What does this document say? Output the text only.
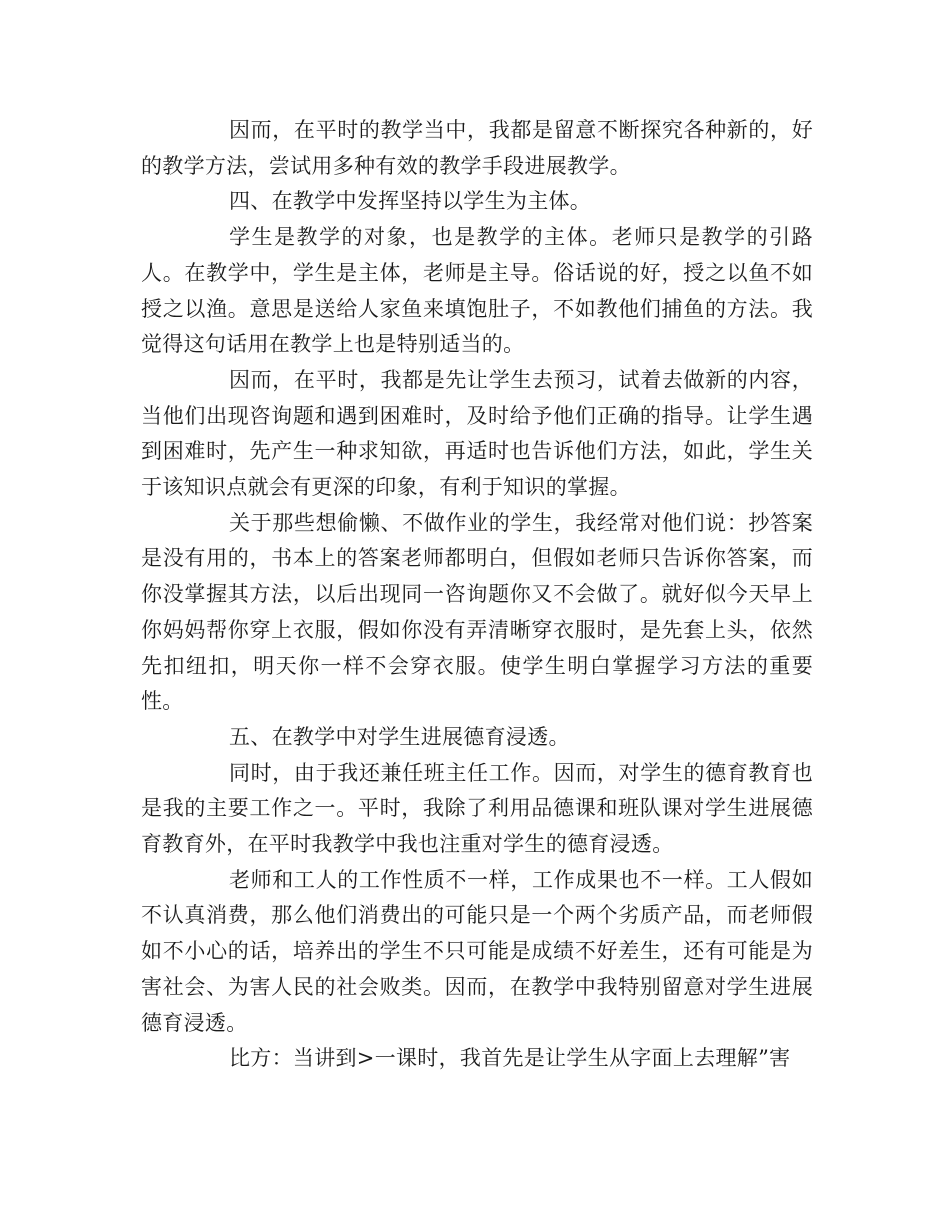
因而，在平时的教学当中，我都是留意不断探究各种新的，好的教学方法，尝试用多种有效的教学手段进展教学。

四、在教学中发挥坚持以学生为主体。

学生是教学的对象，也是教学的主体。老师只是教学的引路人。在教学中，学生是主体，老师是主导。俗话说的好，授之以鱼不如授之以渔。意思是送给人家鱼来填饱肚子，不如教他们捕鱼的方法。我觉得这句话用在教学上也是特别适当的。

因而，在平时，我都是先让学生去预习，试着去做新的内容，当他们出现咨询题和遇到困难时，及时给予他们正确的指导。让学生遇到困难时，先产生一种求知欲，再适时也告诉他们方法，如此，学生关于该知识点就会有更深的印象，有利于知识的掌握。

关于那些想偷懒、不做作业的学生，我经常对他们说：抄答案是没有用的，书本上的答案老师都明白，但假如老师只告诉你答案，而你没掌握其方法，以后出现同一咨询题你又不会做了。就好似今天早上你妈妈帮你穿上衣服，假如你没有弄清晰穿衣服时，是先套上头，依然先扣纽扣，明天你一样不会穿衣服。使学生明白掌握学习方法的重要性。

五、在教学中对学生进展德育浸透。

同时，由于我还兼任班主任工作。因而，对学生的德育教育也是我的主要工作之一。平时，我除了利用品德课和班队课对学生进展德育教育外，在平时我教学中我也注重对学生的德育浸透。

老师和工人的工作性质不一样，工作成果也不一样。工人假如不认真消费，那么他们消费出的可能只是一个两个劣质产品，而老师假如不小心的话，培养出的学生不只可能是成绩不好差生，还有可能是为害社会、为害人民的社会败类。因而，在教学中我特别留意对学生进展德育浸透。

比方：当讲到>一课时，我首先是让学生从字面上去理解”害
